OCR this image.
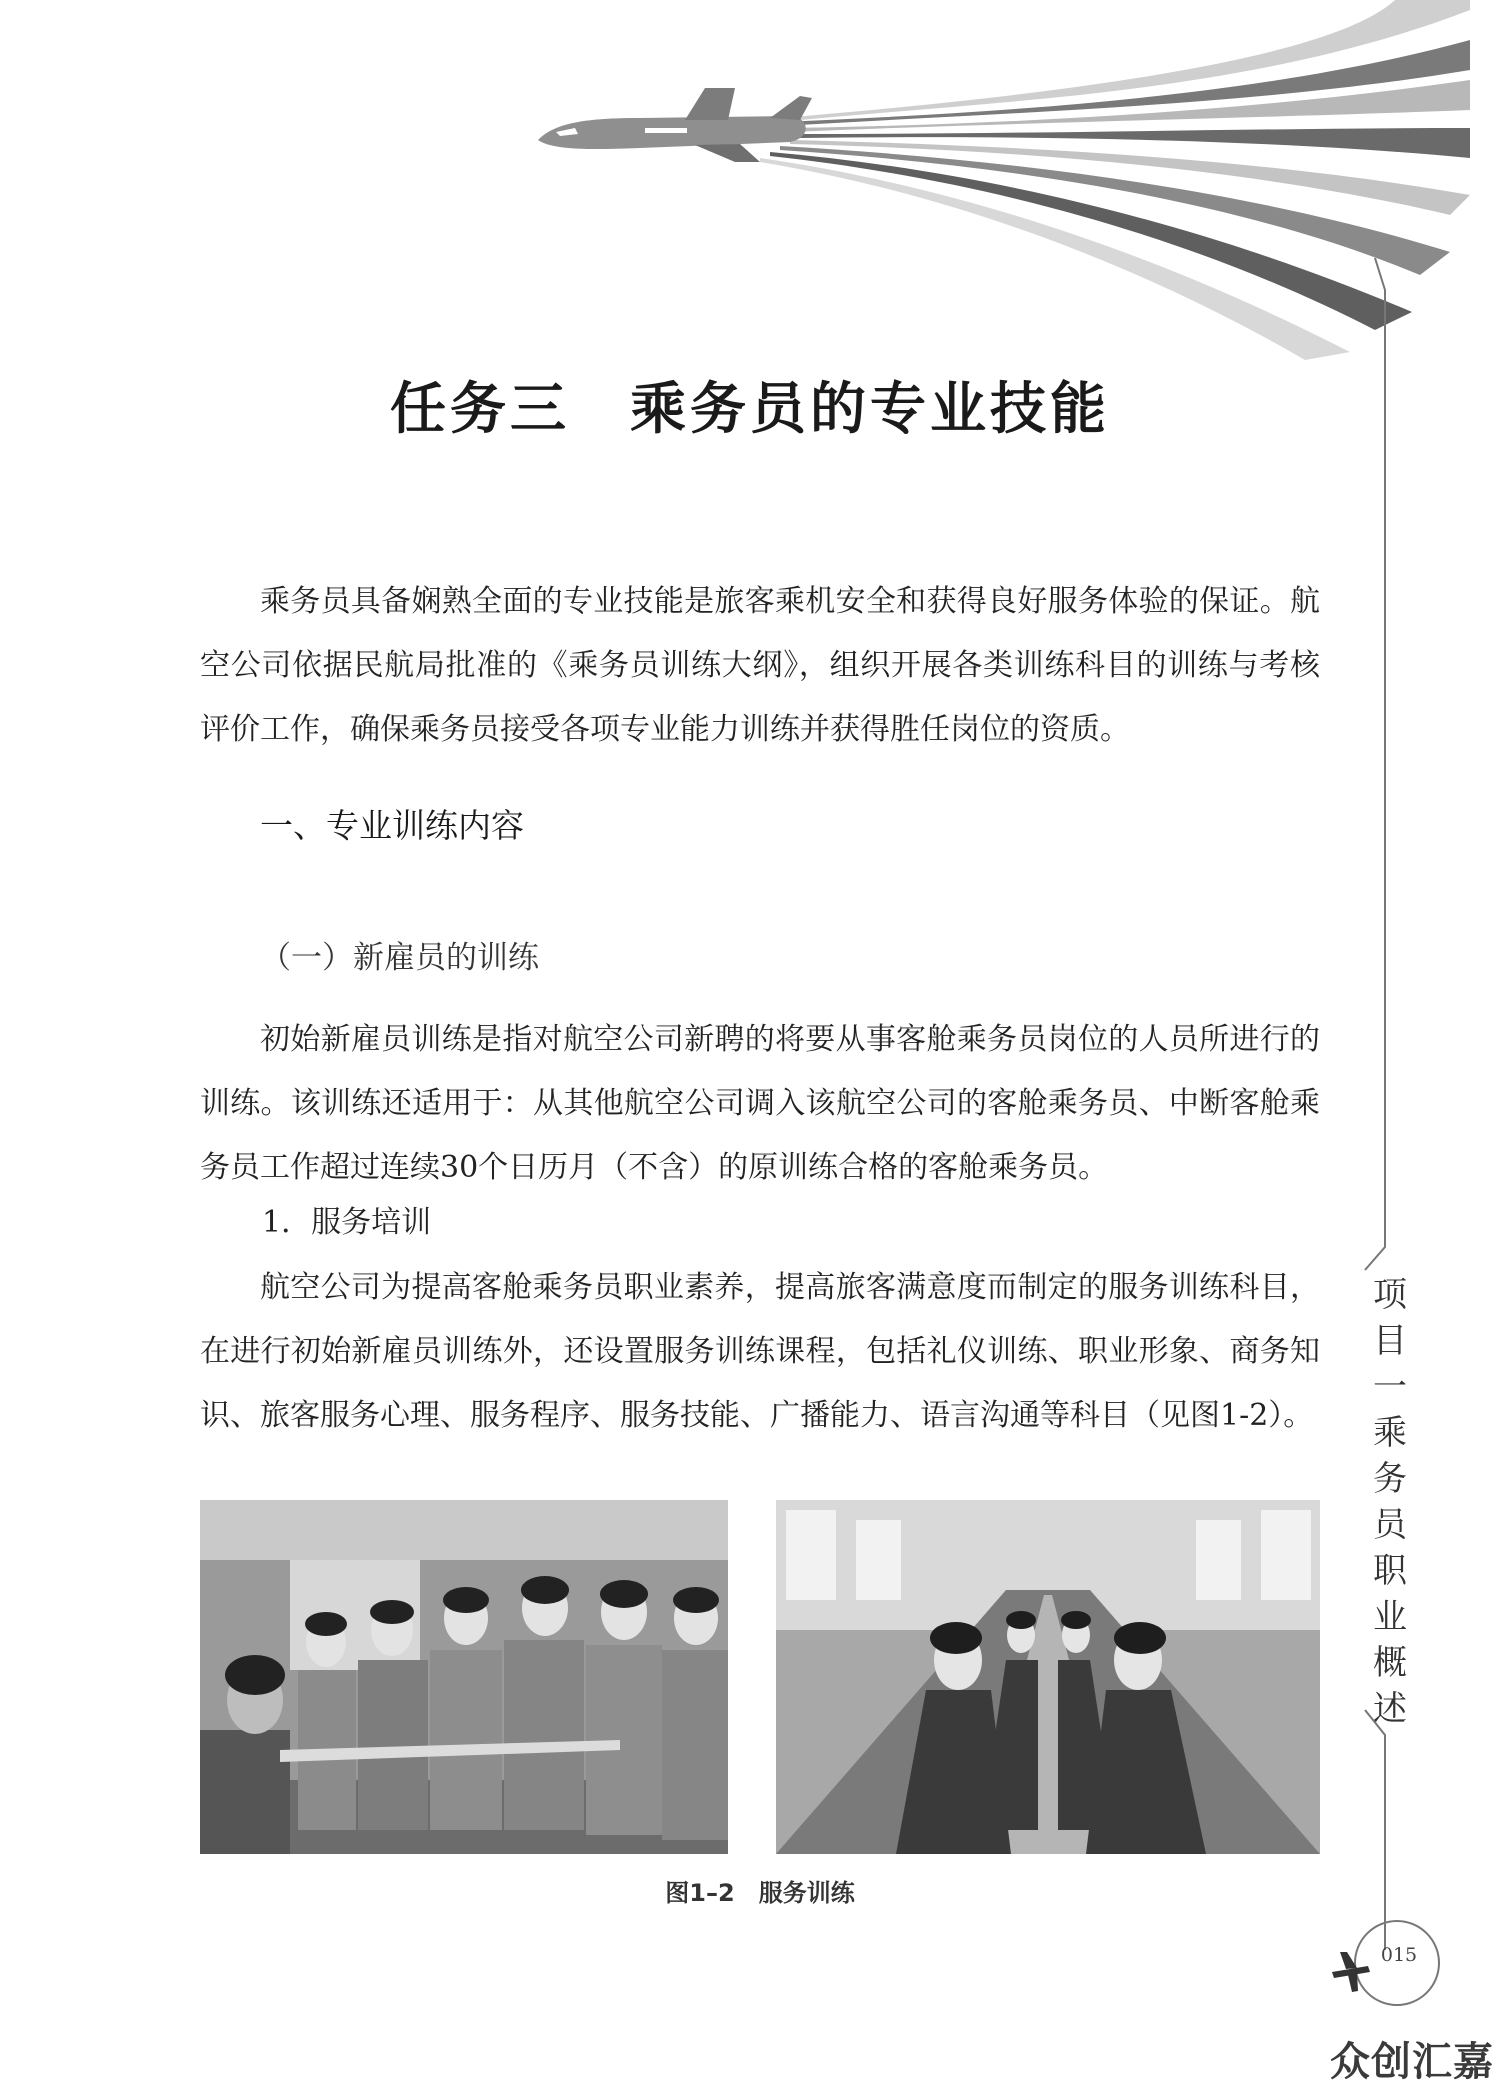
任务三　乘务员的专业技能
乘务员具备娴熟全面的专业技能是旅客乘机安全和获得良好服务体验的保证。航空公司依据民航局批准的《乘务员训练大纲》，组织开展各类训练科目的训练与考核评价工作，确保乘务员接受各项专业能力训练并获得胜任岗位的资质。
一、专业训练内容
（一）新雇员的训练
初始新雇员训练是指对航空公司新聘的将要从事客舱乘务员岗位的人员所进行的训练。该训练还适用于：从其他航空公司调入该航空公司的客舱乘务员、中断客舱乘务员工作超过连续30个日历月（不含）的原训练合格的客舱乘务员。
1．服务培训
航空公司为提高客舱乘务员职业素养，提高旅客满意度而制定的服务训练科目，在进行初始新雇员训练外，还设置服务训练课程，包括礼仪训练、职业形象、商务知识、旅客服务心理、服务程序、服务技能、广播能力、语言沟通等科目（见图1-2）。
图1–2　服务训练
项目一　乘务员职业概述
015
众创汇嘉
